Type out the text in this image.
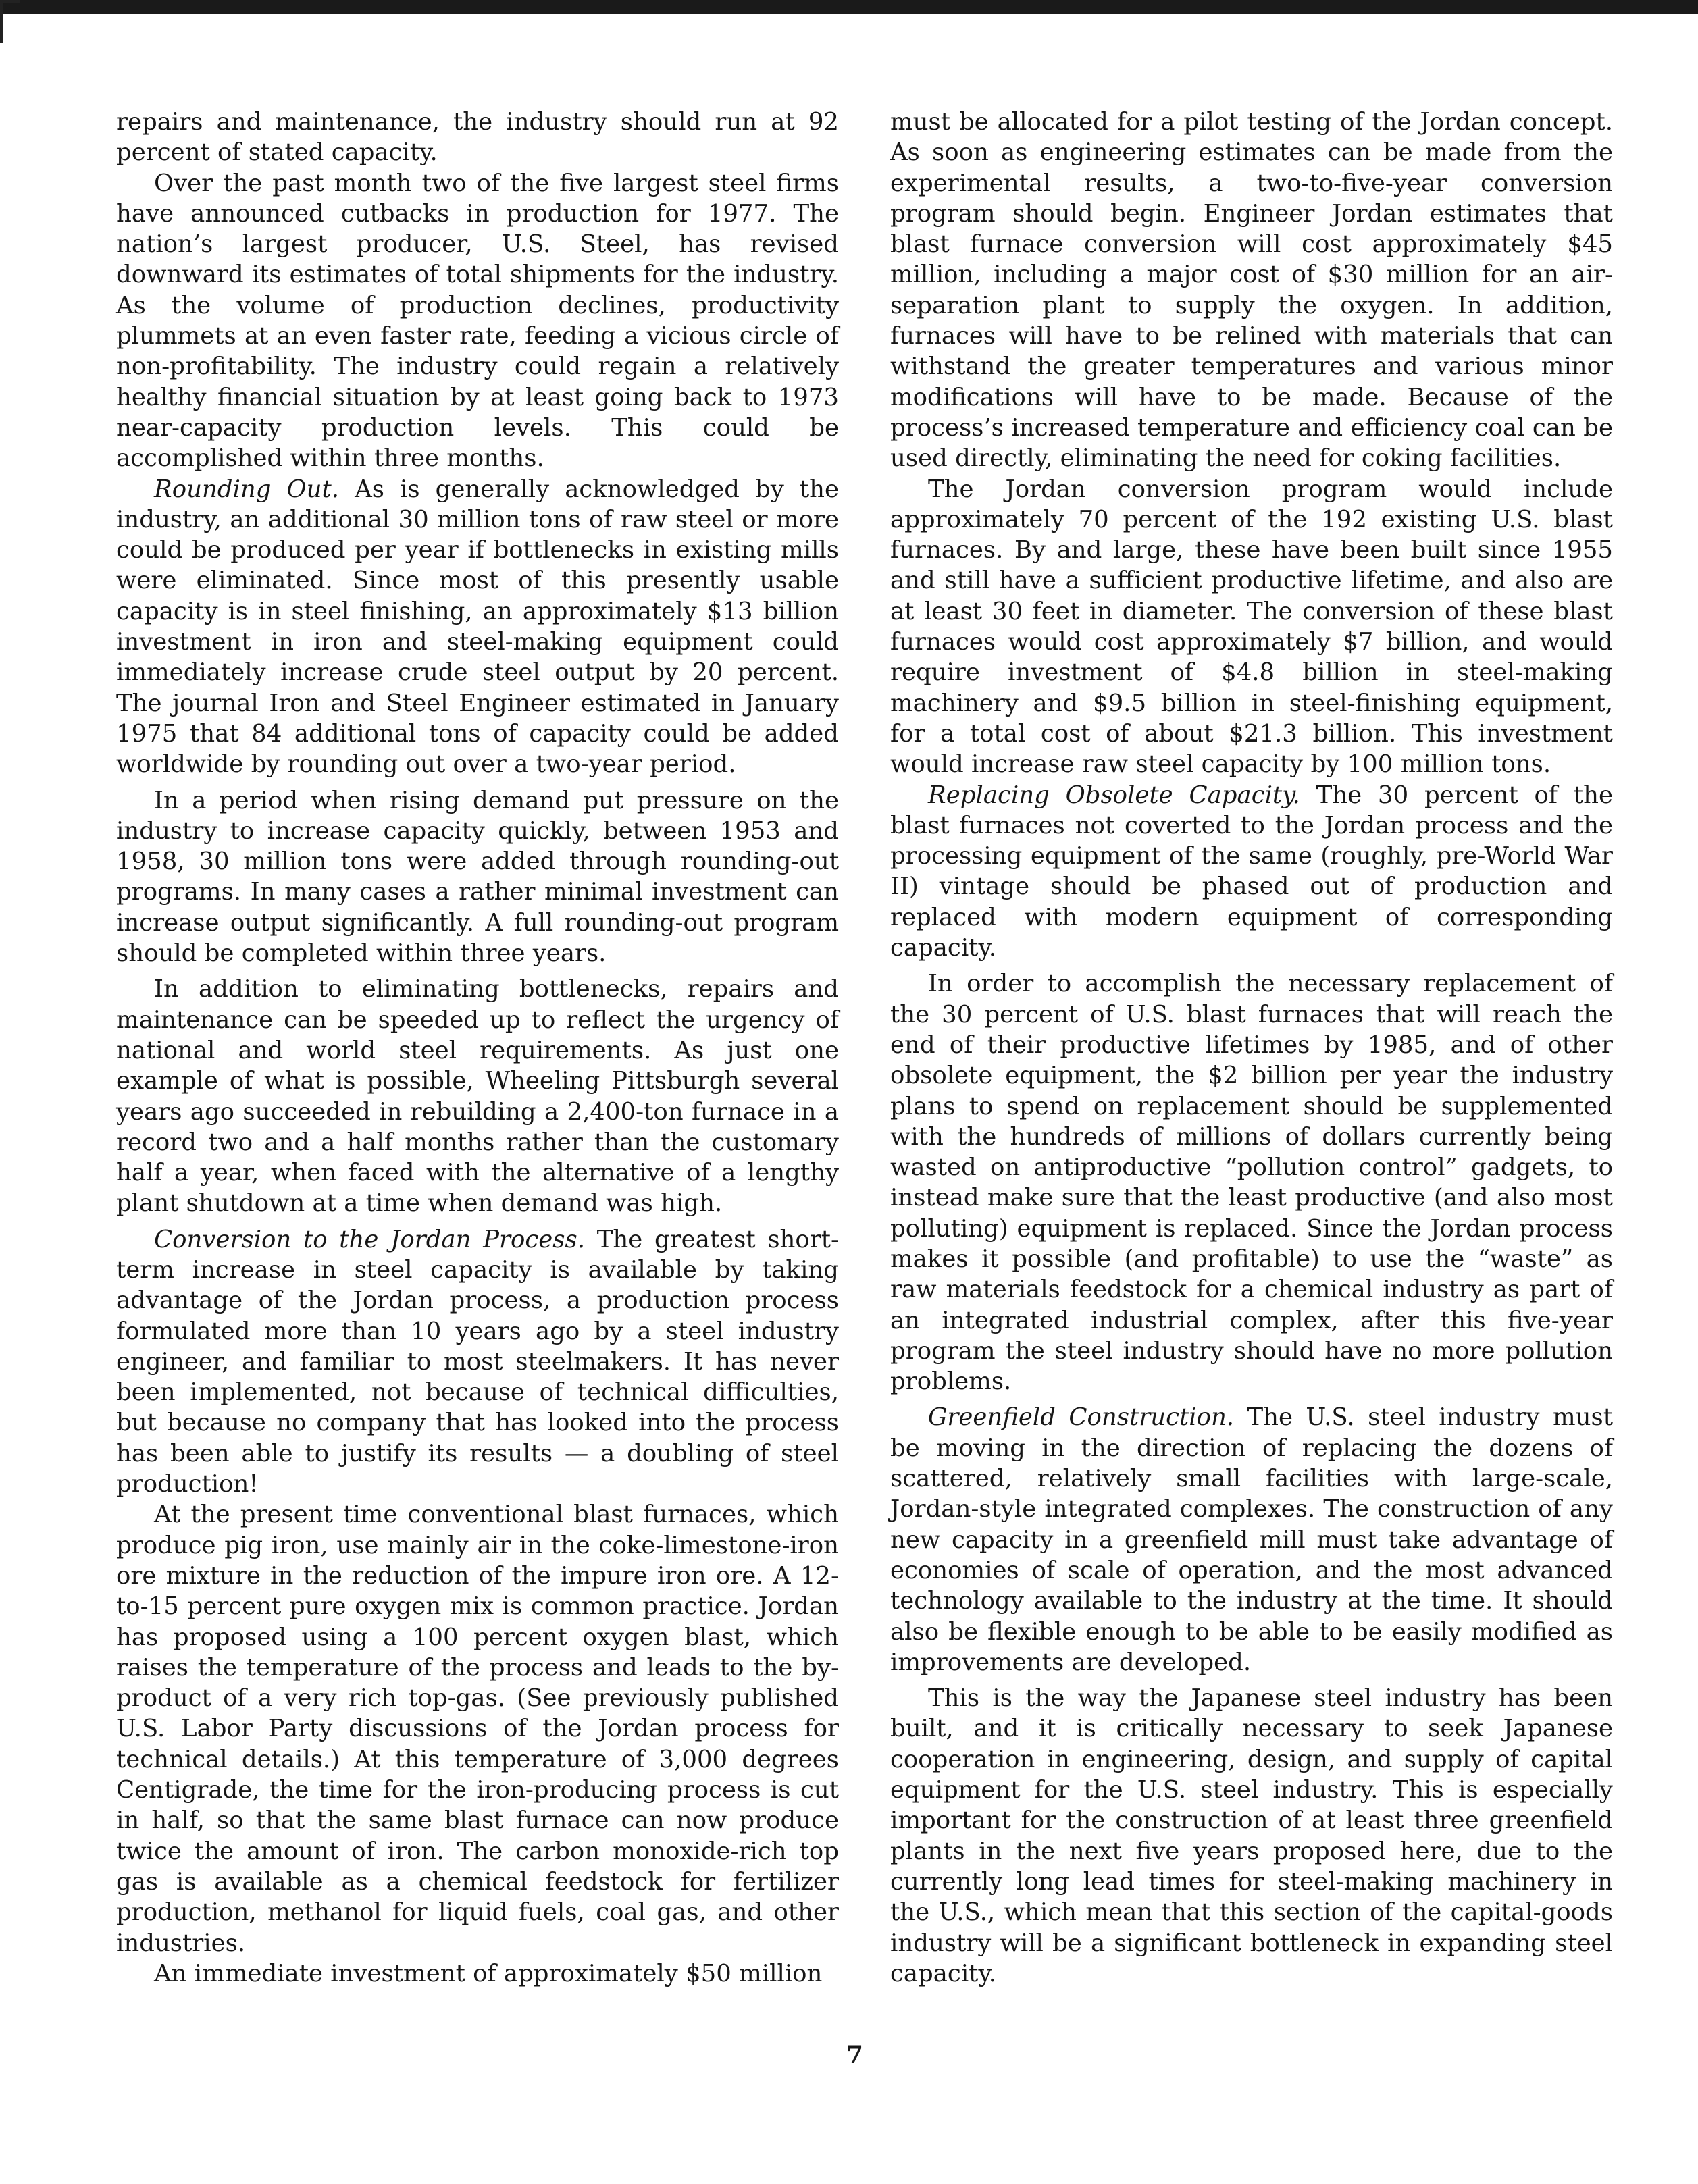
repairs and maintenance, the industry should run at 92 percent of stated capacity.

Over the past month two of the five largest steel firms have announced cutbacks in production for 1977. The nation’s largest producer, U.S. Steel, has revised downward its estimates of total shipments for the industry. As the volume of production declines, productivity plummets at an even faster rate, feeding a vicious circle of non-profitability. The industry could regain a relatively healthy financial situation by at least going back to 1973 near-capacity production levels. This could be accomplished within three months.

Rounding Out. As is generally acknowledged by the industry, an additional 30 million tons of raw steel or more could be produced per year if bottlenecks in existing mills were eliminated. Since most of this presently usable capacity is in steel finishing, an approximately $13 billion investment in iron and steel-making equipment could immediately increase crude steel output by 20 percent. The journal Iron and Steel Engineer estimated in January 1975 that 84 additional tons of capacity could be added worldwide by rounding out over a two-year period.

In a period when rising demand put pressure on the industry to increase capacity quickly, between 1953 and 1958, 30 million tons were added through rounding-out programs. In many cases a rather minimal investment can increase output significantly. A full rounding-out program should be completed within three years.

In addition to eliminating bottlenecks, repairs and maintenance can be speeded up to reflect the urgency of national and world steel requirements. As just one example of what is possible, Wheeling Pittsburgh several years ago succeeded in rebuilding a 2,400-ton furnace in a record two and a half months rather than the customary half a year, when faced with the alternative of a lengthy plant shutdown at a time when demand was high.

Conversion to the Jordan Process. The greatest short-term increase in steel capacity is available by taking advantage of the Jordan process, a production process formulated more than 10 years ago by a steel industry engineer, and familiar to most steelmakers. It has never been implemented, not because of technical difficulties, but because no company that has looked into the process has been able to justify its results — a doubling of steel production!

At the present time conventional blast furnaces, which produce pig iron, use mainly air in the coke-limestone-iron ore mixture in the reduction of the impure iron ore. A 12-to-15 percent pure oxygen mix is common practice. Jordan has proposed using a 100 percent oxygen blast, which raises the temperature of the process and leads to the by-product of a very rich top-gas. (See previously published U.S. Labor Party discussions of the Jordan process for technical details.) At this temperature of 3,000 degrees Centigrade, the time for the iron-producing process is cut in half, so that the same blast furnace can now produce twice the amount of iron. The carbon monoxide-rich top gas is available as a chemical feedstock for fertilizer production, methanol for liquid fuels, coal gas, and other industries.

An immediate investment of approximately $50 million

must be allocated for a pilot testing of the Jordan concept. As soon as engineering estimates can be made from the experimental results, a two-to-five-year conversion program should begin. Engineer Jordan estimates that blast furnace conversion will cost approximately $45 million, including a major cost of $30 million for an air-separation plant to supply the oxygen. In addition, furnaces will have to be relined with materials that can withstand the greater temperatures and various minor modifications will have to be made. Because of the process’s increased temperature and efficiency coal can be used directly, eliminating the need for coking facilities.

The Jordan conversion program would include approximately 70 percent of the 192 existing U.S. blast furnaces. By and large, these have been built since 1955 and still have a sufficient productive lifetime, and also are at least 30 feet in diameter. The conversion of these blast furnaces would cost approximately $7 billion, and would require investment of $4.8 billion in steel-making machinery and $9.5 billion in steel-finishing equipment, for a total cost of about $21.3 billion. This investment would increase raw steel capacity by 100 million tons.

Replacing Obsolete Capacity. The 30 percent of the blast furnaces not coverted to the Jordan process and the processing equipment of the same (roughly, pre-World War II) vintage should be phased out of production and replaced with modern equipment of corresponding capacity.

In order to accomplish the necessary replacement of the 30 percent of U.S. blast furnaces that will reach the end of their productive lifetimes by 1985, and of other obsolete equipment, the $2 billion per year the industry plans to spend on replacement should be supplemented with the hundreds of millions of dollars currently being wasted on antiproductive “pollution control” gadgets, to instead make sure that the least productive (and also most polluting) equipment is replaced. Since the Jordan process makes it possible (and profitable) to use the “waste” as raw materials feedstock for a chemical industry as part of an integrated industrial complex, after this five-year program the steel industry should have no more pollution problems.

Greenfield Construction. The U.S. steel industry must be moving in the direction of replacing the dozens of scattered, relatively small facilities with large-scale, Jordan-style integrated complexes. The construction of any new capacity in a greenfield mill must take advantage of economies of scale of operation, and the most advanced technology available to the industry at the time. It should also be flexible enough to be able to be easily modified as improvements are developed.

This is the way the Japanese steel industry has been built, and it is critically necessary to seek Japanese cooperation in engineering, design, and supply of capital equipment for the U.S. steel industry. This is especially important for the construction of at least three greenfield plants in the next five years proposed here, due to the currently long lead times for steel-making machinery in the U.S., which mean that this section of the capital-goods industry will be a significant bottleneck in expanding steel capacity.

7
